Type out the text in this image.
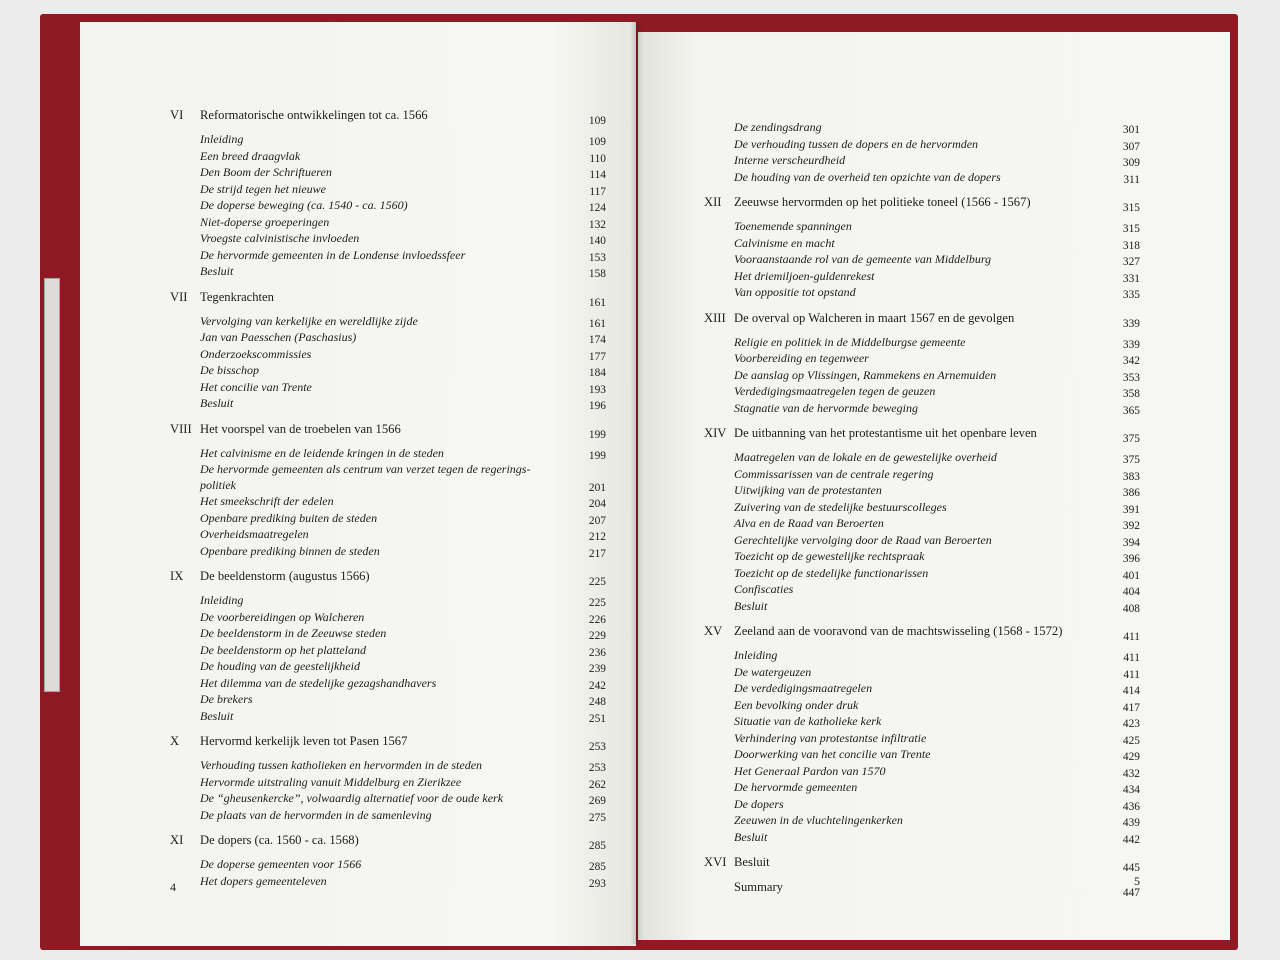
VI	Reformatorische ontwikkelingen tot ca. 1566	109
Inleiding	109
Een breed draagvlak	110
Den Boom der Schriftueren	114
De strijd tegen het nieuwe	117
De doperse beweging (ca. 1540 - ca. 1560)	124
Niet-doperse groeperingen	132
Vroegste calvinistische invloeden	140
De hervormde gemeenten in de Londense invloedssfeer	153
Besluit	158
VII Tegenkrachten	161
Vervolging van kerkelijke en wereldlijke zijde	161
Jan van Paesschen (Paschasius)	174
Onderzoekscommissies	177
De bisschop	184
Het concilie van Trente	193
Besluit	196
VIII Het voorspel van de troebelen van 1566	199
Het calvinisme en de leidende kringen in de steden	199
De hervormde gemeenten als centrum van verzet tegen de regerings-
politiek	201
Het smeekschrift der edelen	204
Openbare prediking buiten de steden	207
Overheidsmaatregelen	212
Openbare prediking binnen de steden	217
IX	De beeldenstorm (augustus 1566)	225
Inleiding	225
De voorbereidingen op Walcheren	226
De beeldenstorm in de Zeeuwse steden	229
De beeldenstorm op het platteland	236
De houding van de geestelijkheid	239
Het dilemma van de stedelijke gezagshandhavers	242
De brekers	248
Besluit	251
X	Hervormd kerkelijk leven tot Pasen 1567	253
Verhouding tussen katholieken en hervormden in de steden	253
Hervormde uitstraling vanuit Middelburg en Zierikzee	262
De “gheusenkercke”, volwaardig alternatief voor de oude kerk	269
De plaats van de hervormden in de samenleving	275
XI	De dopers (ca. 1560 - ca. 1568)	285
De doperse gemeenten voor 1566	285
Het dopers gemeenteleven	293
De zendingsdrang	301
De verhouding tussen de dopers en de hervormden	307
Interne verscheurdheid	309
De houding van de overheid ten opzichte van de dopers	311
XII Zeeuwse hervormden op het politieke toneel (1566 - 1567)	315
Toenemende spanningen	315
Calvinisme en macht	318
Vooraanstaande rol van de gemeente van Middelburg	327
Het driemiljoen-guldenrekest	331
Van oppositie tot opstand	335
XIII De overval op Walcheren in maart 1567 en de gevolgen	339
Religie en politiek in de Middelburgse gemeente	339
Voorbereiding en tegenweer	342
De aanslag op Vlissingen, Rammekens en Arnemuiden	353
Verdedigingsmaatregelen tegen de geuzen	358
Stagnatie van de hervormde beweging	365
XIV De uitbanning van het protestantisme uit het openbare leven	375
Maatregelen van de lokale en de gewestelijke overheid	375
Commissarissen van de centrale regering	383
Uitwijking van de protestanten	386
Zuivering van de stedelijke bestuurscolleges	391
Alva en de Raad van Beroerten	392
Gerechtelijke vervolging door de Raad van Beroerten	394
Toezicht op de gewestelijke rechtspraak	396
Toezicht op de stedelijke functionarissen	401
Confiscaties	404
Besluit	408
XV Zeeland aan de vooravond van de machtswisseling (1568 - 1572)	411
Inleiding	411
De watergeuzen	411
De verdedigingsmaatregelen	414
Een bevolking onder druk	417
Situatie van de katholieke kerk	423
Verhindering van protestantse infiltratie	425
Doorwerking van het concilie van Trente	429
Het Generaal Pardon van 1570	432
De hervormde gemeenten	434
De dopers	436
Zeeuwen in de vluchtelingenkerken	439
Besluit	442
XVI Besluit	445
Summary	447
4	5
